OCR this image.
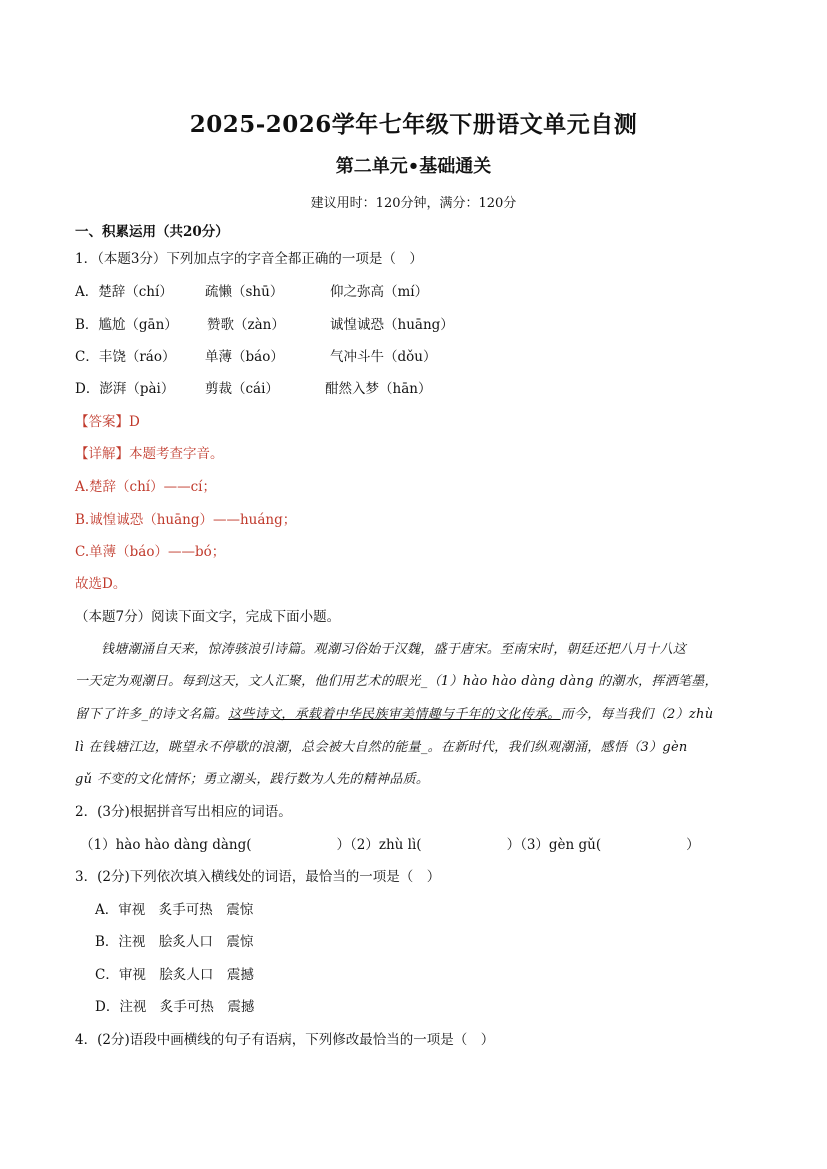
2025-2026学年七年级下册语文单元自测
第二单元•基础通关
建议用时：120分钟，满分：120分
一、积累运用（共20分）
1．（本题3分）下列加点字的字音全都正确的一项是（　）
A．楚辞（chí） 疏懒（shū）	仰之弥高（mí）
B．尴尬（gān） 赞歌（zàn）	诚惶诚恐（huāng）
C．丰饶（ráo） 单薄（báo）	气冲斗牛（dǒu）
D．澎湃（pài） 剪裁（cái）	酣然入梦（hān）
【答案】D
【详解】本题考查字音。
A.楚辞（chí）——cí；
B.诚惶诚恐（huāng）——huáng；
C.单薄（báo）——bó；
故选D。
（本题7分）阅读下面文字，完成下面小题。
钱塘潮涌自天来，惊涛骇浪引诗篇。观潮习俗始于汉魏，盛于唐宋。至南宋时，朝廷还把八月十八这
一天定为观潮日。每到这天，文人汇聚，他们用艺术的眼光_（1）hào hào dàng dàng 的潮水，挥洒笔墨，
留下了许多_的诗文名篇。这些诗文，承载着中华民族审美情趣与千年的文化传承。而今，每当我们（2）zhù
lì 在钱塘江边，眺望永不停歇的浪潮，总会被大自然的能量_。在新时代，我们纵观潮涌，感悟（3）gèn
gǔ 不变的文化情怀；勇立潮头，践行数为人先的精神品质。
2．(3分)根据拼音写出相应的词语。
（1）hào hào dàng dàng(	）（2）zhù lì(	）（3）gèn gǔ(	）
3．(2分)下列依次填入横线处的词语，最恰当的一项是（　）
A．审视　炙手可热　震惊
B．注视　脍炙人口　震惊
C．审视　脍炙人口　震撼
D．注视　炙手可热　震撼
4．(2分)语段中画横线的句子有语病，下列修改最恰当的一项是（　）
